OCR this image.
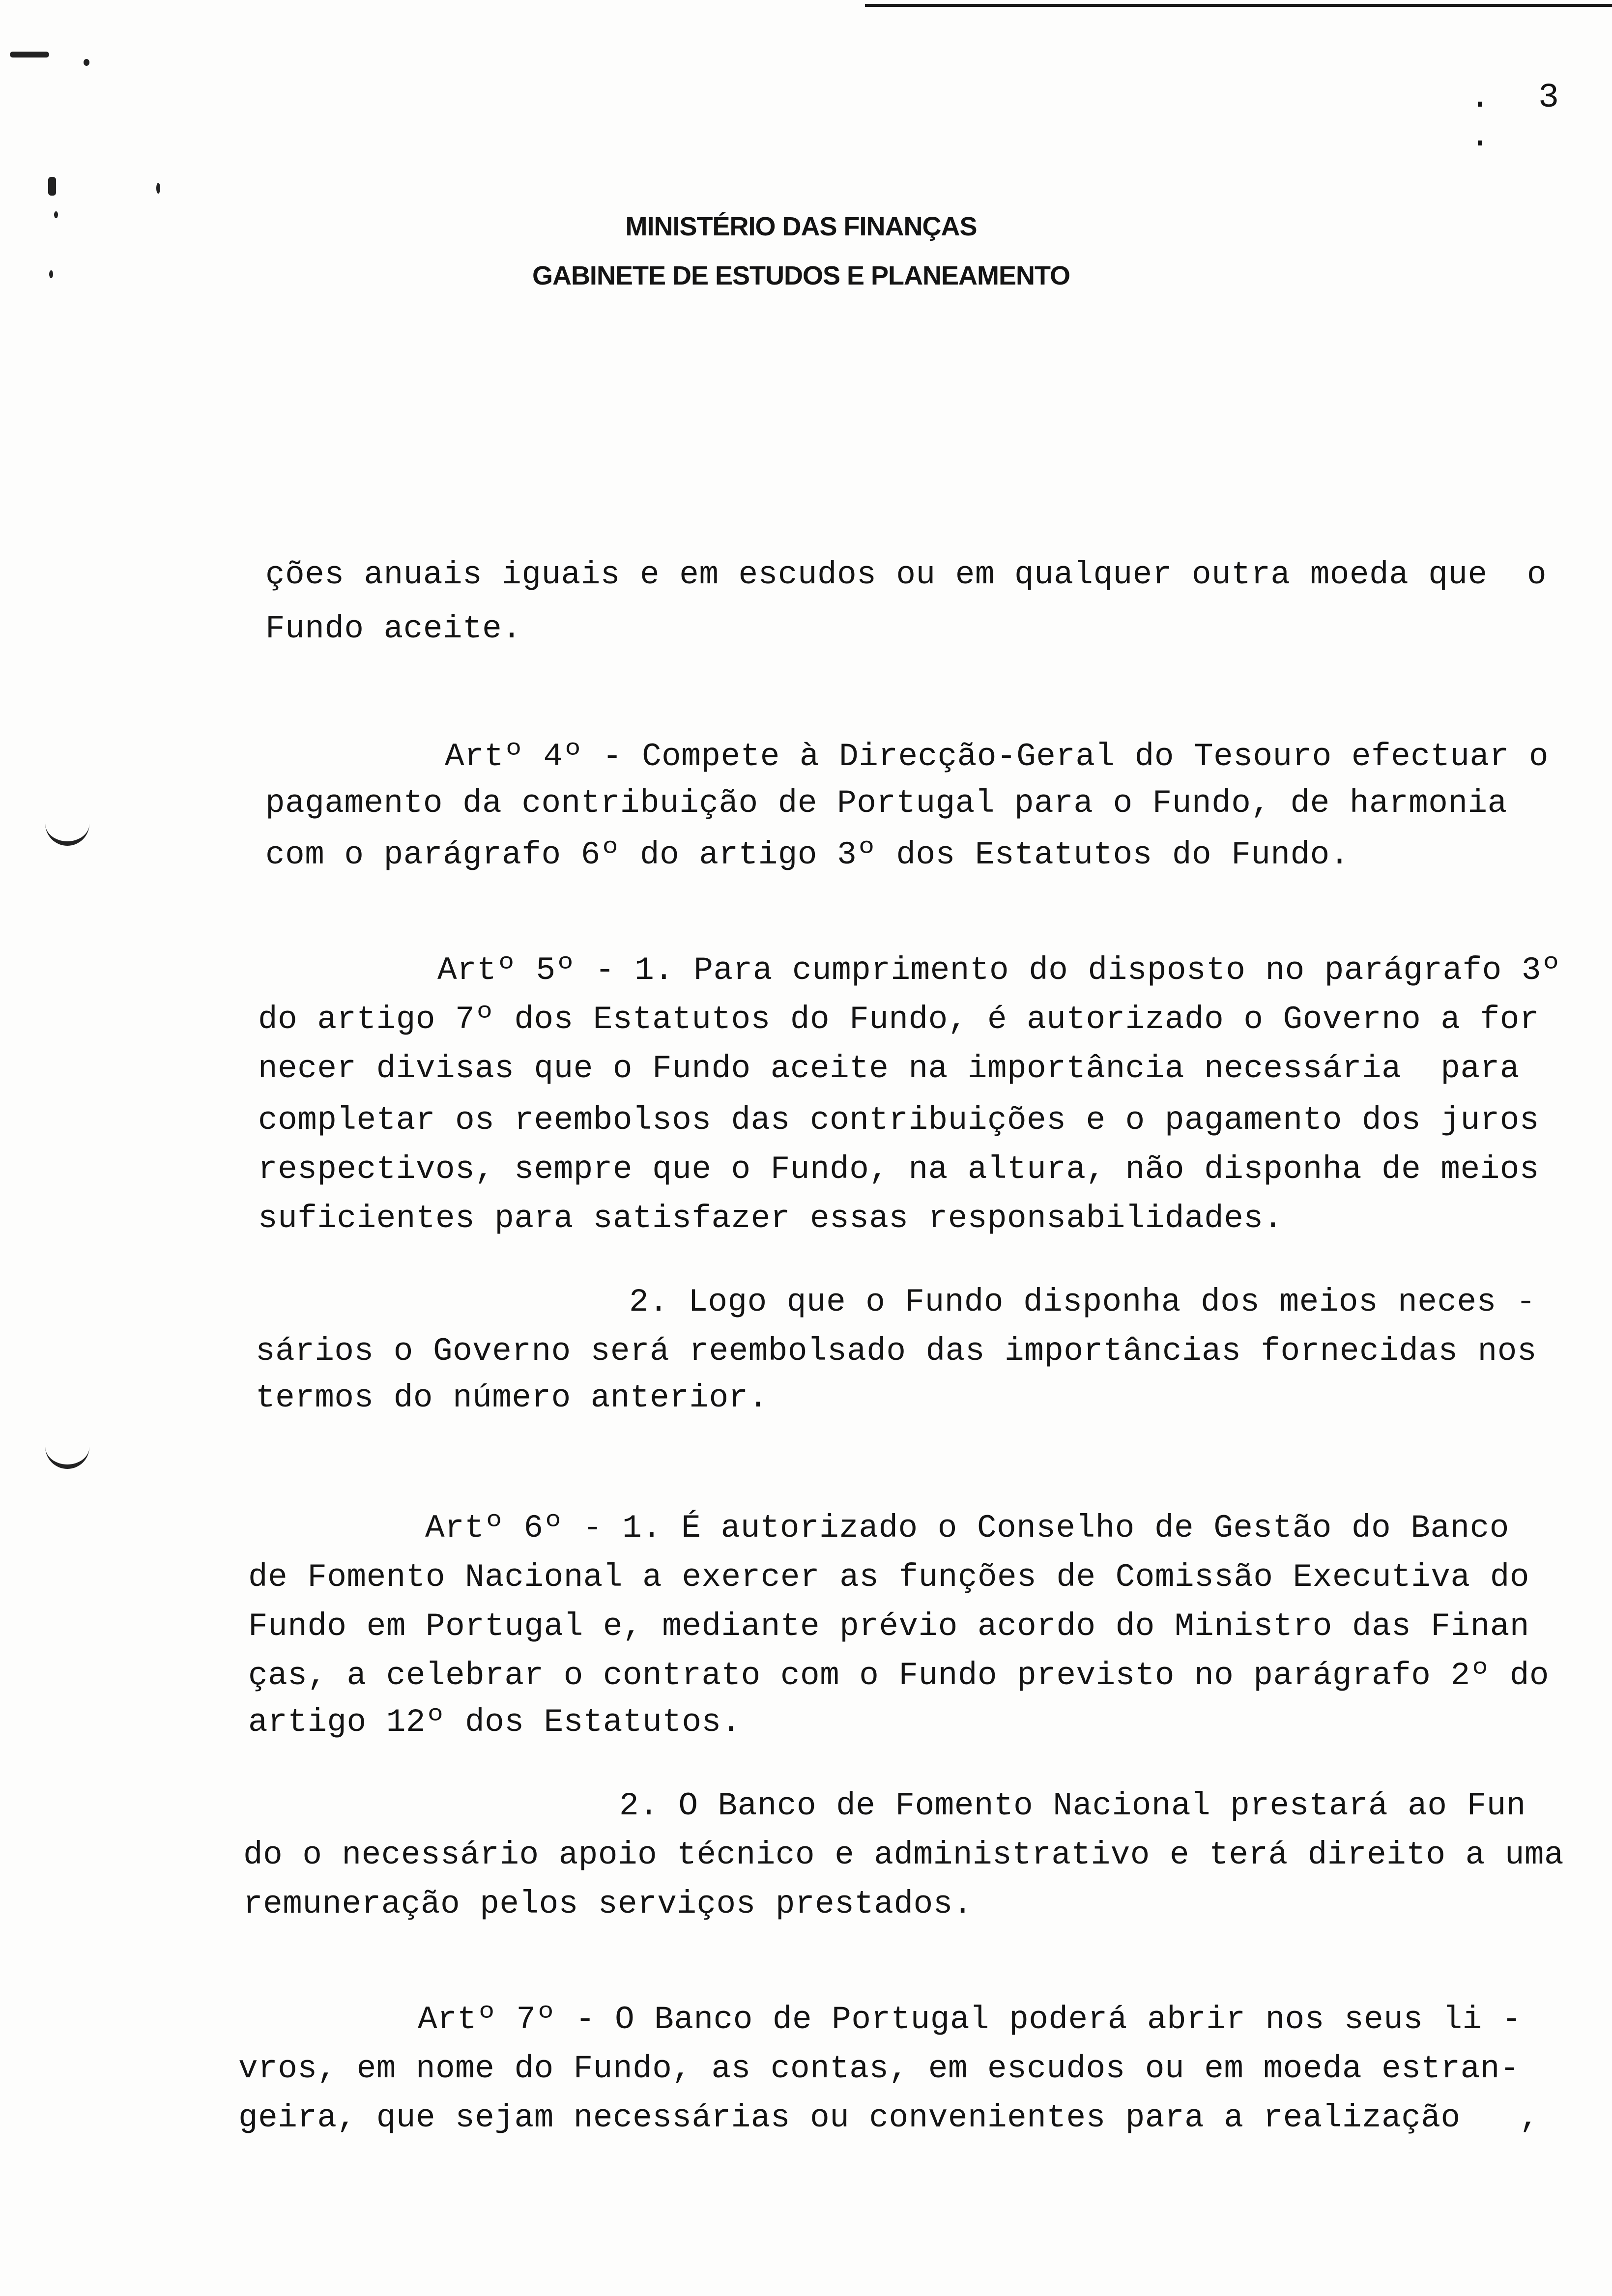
. 3 .
MINISTÉRIO DAS FINANÇAS
GABINETE DE ESTUDOS E PLANEAMENTO
ções anuais iguais e em escudos ou em qualquer outra moeda que  o
Fundo aceite.
Artº 4º - Compete à Direcção-Geral do Tesouro efectuar o
pagamento da contribuição de Portugal para o Fundo, de harmonia
com o parágrafo 6º do artigo 3º dos Estatutos do Fundo.
Artº 5º - 1. Para cumprimento do disposto no parágrafo 3º
do artigo 7º dos Estatutos do Fundo, é autorizado o Governo a for
necer divisas que o Fundo aceite na importância necessária  para
completar os reembolsos das contribuições e o pagamento dos juros
respectivos, sempre que o Fundo, na altura, não disponha de meios
suficientes para satisfazer essas responsabilidades.
2. Logo que o Fundo disponha dos meios neces -
sários o Governo será reembolsado das importâncias fornecidas nos
termos do número anterior.
Artº 6º - 1. É autorizado o Conselho de Gestão do Banco
de Fomento Nacional a exercer as funções de Comissão Executiva do
Fundo em Portugal e, mediante prévio acordo do Ministro das Finan
ças, a celebrar o contrato com o Fundo previsto no parágrafo 2º do
artigo 12º dos Estatutos.
2. O Banco de Fomento Nacional prestará ao Fun
do o necessário apoio técnico e administrativo e terá direito a uma
remuneração pelos serviços prestados.
Artº 7º - O Banco de Portugal poderá abrir nos seus li -
vros, em nome do Fundo, as contas, em escudos ou em moeda estran-
geira, que sejam necessárias ou convenientes para a realização   ,
